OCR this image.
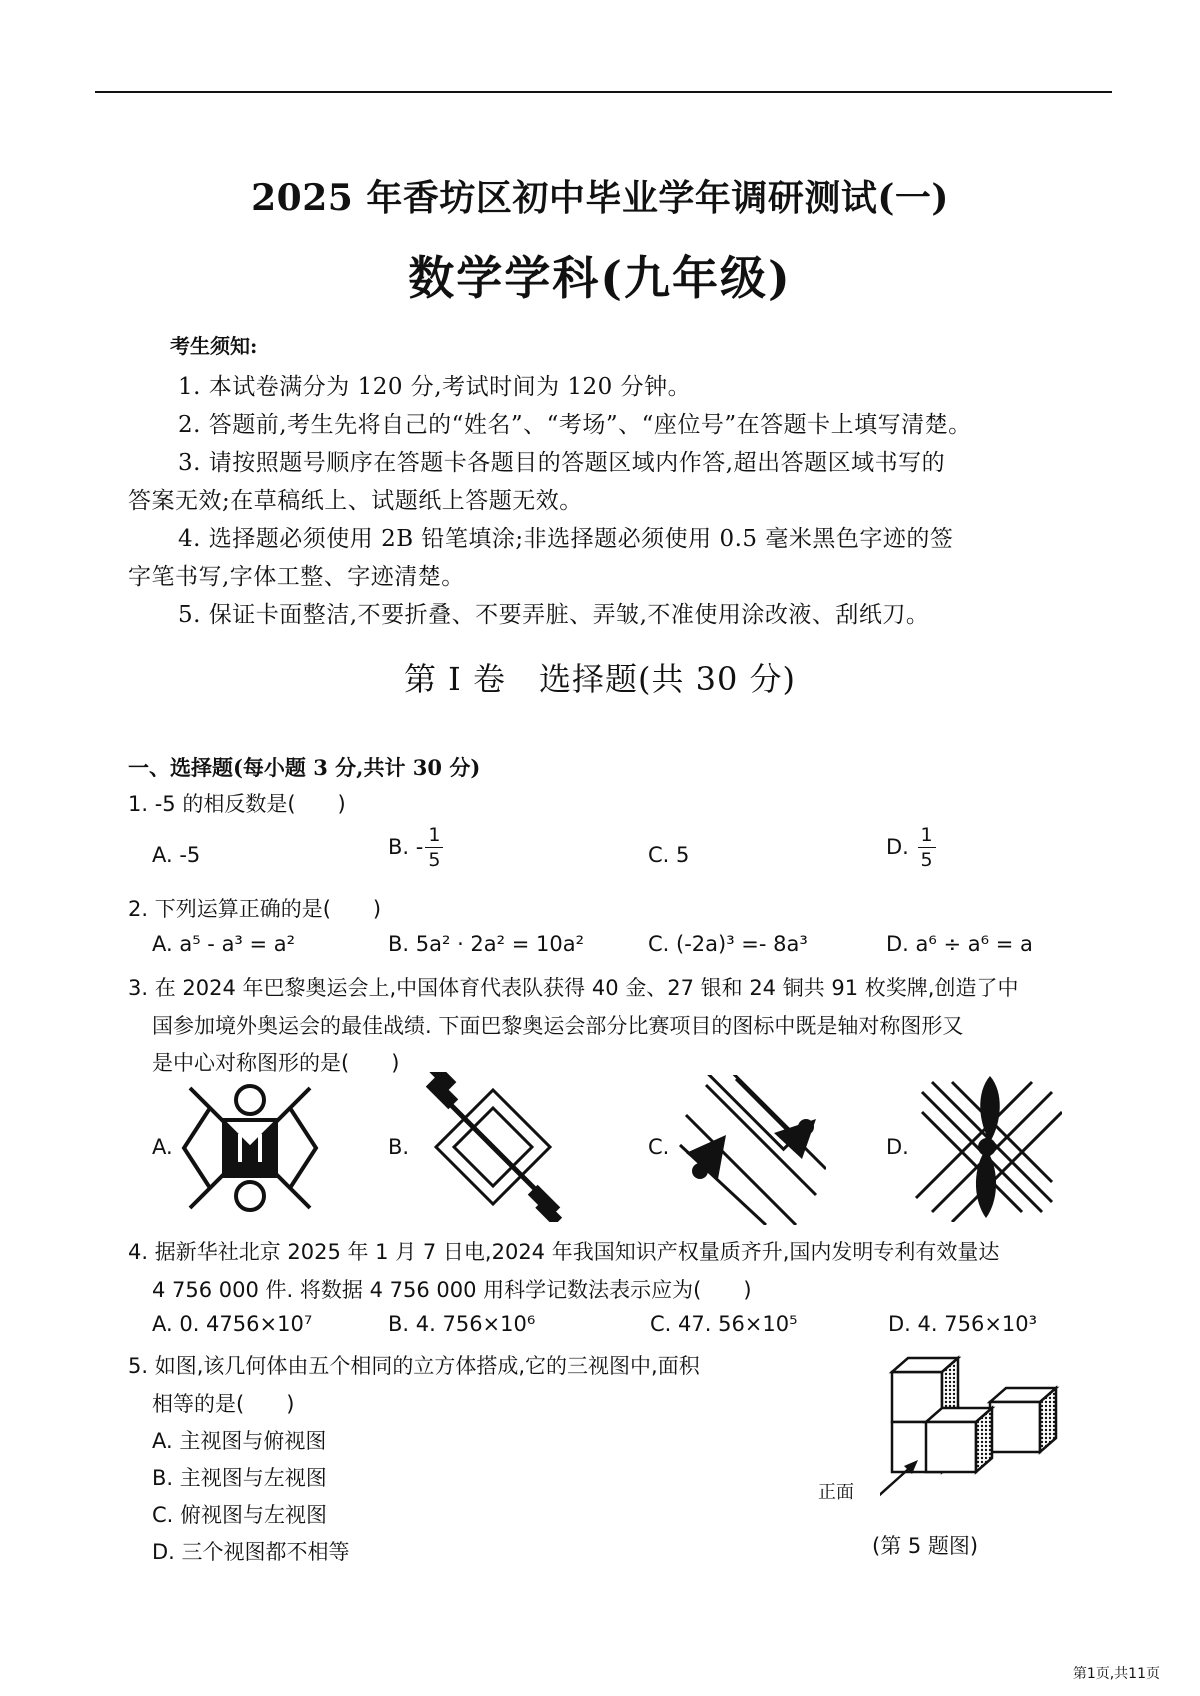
2025 年香坊区初中毕业学年调研测试(一)
数学学科(九年级)
考生须知:
1. 本试卷满分为 120 分,考试时间为 120 分钟。
2. 答题前,考生先将自己的“姓名”、“考场”、“座位号”在答题卡上填写清楚。
3. 请按照题号顺序在答题卡各题目的答题区域内作答,超出答题区域书写的
答案无效;在草稿纸上、试题纸上答题无效。
4. 选择题必须使用 2B 铅笔填涂;非选择题必须使用 0.5 毫米黑色字迹的签
字笔书写,字体工整、字迹清楚。
5. 保证卡面整洁,不要折叠、不要弄脏、弄皱,不准使用涂改液、刮纸刀。
第 I 卷　选择题(共 30 分)
一、选择题(每小题 3 分,共计 30 分)
1. -5 的相反数是(　　)
A. -5	B. - $\frac{1}{5}$	C. 5	D. $\frac{1}{5}$
2. 下列运算正确的是(　　)
A. a⁵ - a³ = a²	B. 5a² · 2a² = 10a²	C. (-2a)³ =- 8a³	D. a⁶ ÷ a⁶ = a
3. 在 2024 年巴黎奥运会上,中国体育代表队获得 40 金、27 银和 24 铜共 91 枚奖牌,创造了中
国参加境外奥运会的最佳战绩. 下面巴黎奥运会部分比赛项目的图标中既是轴对称图形又
是中心对称图形的是(　　)
A.	B.	C.	D.
4. 据新华社北京 2025 年 1 月 7 日电,2024 年我国知识产权量质齐升,国内发明专利有效量达
4 756 000 件. 将数据 4 756 000 用科学记数法表示应为(　　)
A. 0. 4756×10⁷	B. 4. 756×10⁶	C. 47. 56×10⁵	D. 4. 756×10³
5. 如图,该几何体由五个相同的立方体搭成,它的三视图中,面积
相等的是(　　)
A. 主视图与俯视图
B. 主视图与左视图
C. 俯视图与左视图
D. 三个视图都不相等
正面
(第 5 题图)
第1页,共11页
